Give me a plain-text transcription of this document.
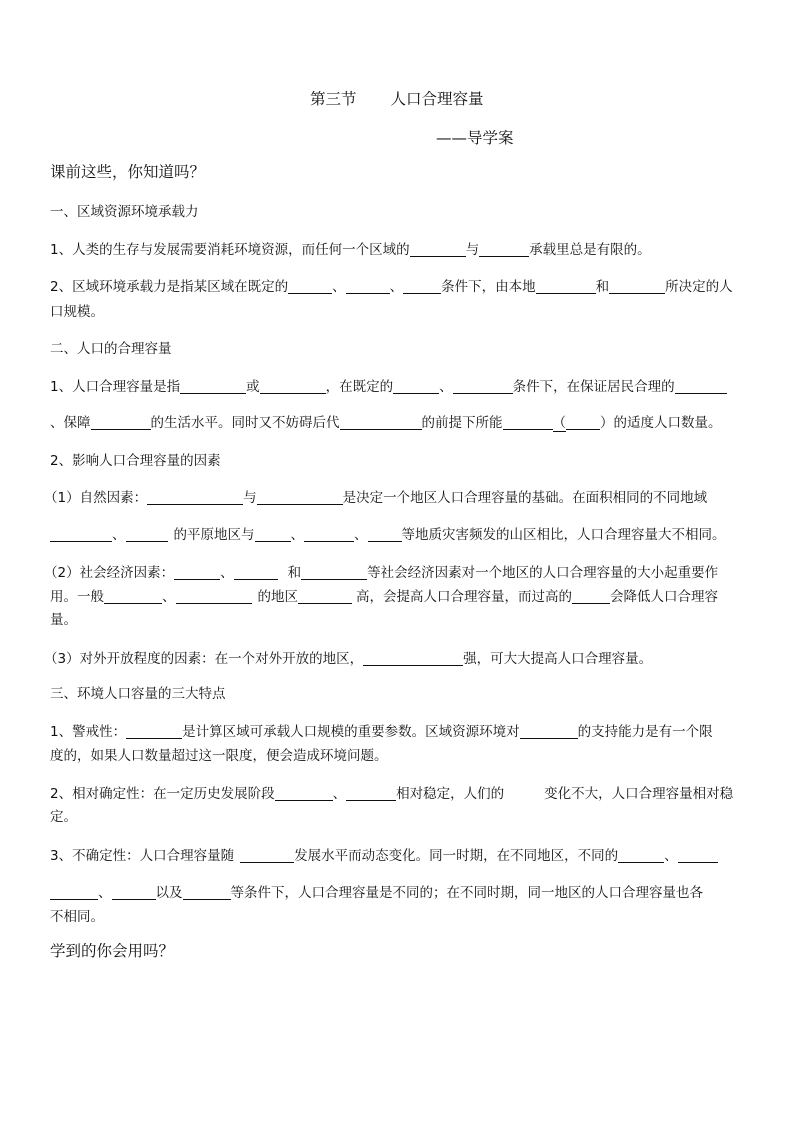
第三节 人口合理容量
——导学案
课前这些，你知道吗？
一、区域资源环境承载力
1、人类的生存与发展需要消耗环境资源，而任何一个区域的	与	承载里总是有限的。
2、区域环境承载力是指某区域在既定的	、	、	条件下，由本地	和	所决定的人
口规模。
二、人口的合理容量
1、人口合理容量是指	或	，在既定的	、	条件下，在保证居民合理的
、保障	的生活水平。同时又不妨碍后代	的前提下所能	（	）的适度人口数量。
2、影响人口合理容量的因素
（1）自然因素：	与	是决定一个地区人口合理容量的基础。在面积相同的不同地域
、	的平原地区与	、	、	等地质灾害频发的山区相比，人口合理容量大不相同。
（2）社会经济因素：	、	和	等社会经济因素对一个地区的人口合理容量的大小起重要作
用。一般	、	的地区	高，会提高人口合理容量，而过高的	会降低人口合理容
量。
（3）对外开放程度的因素：在一个对外开放的地区，	强，可大大提高人口合理容量。
三、环境人口容量的三大特点
1、警戒性：	是计算区域可承载人口规模的重要参数。区域资源环境对	的支持能力是有一个限
度的，如果人口数量超过这一限度，便会造成环境问题。
2、相对确定性：在一定历史发展阶段	、	相对稳定，人们的	变化不大，人口合理容量相对稳
定。
3、不确定性：人口合理容量随	发展水平而动态变化。同一时期，在不同地区，不同的	、
、	以及	等条件下，人口合理容量是不同的；在不同时期，同一地区的人口合理容量也各
不相同。
学到的你会用吗？
